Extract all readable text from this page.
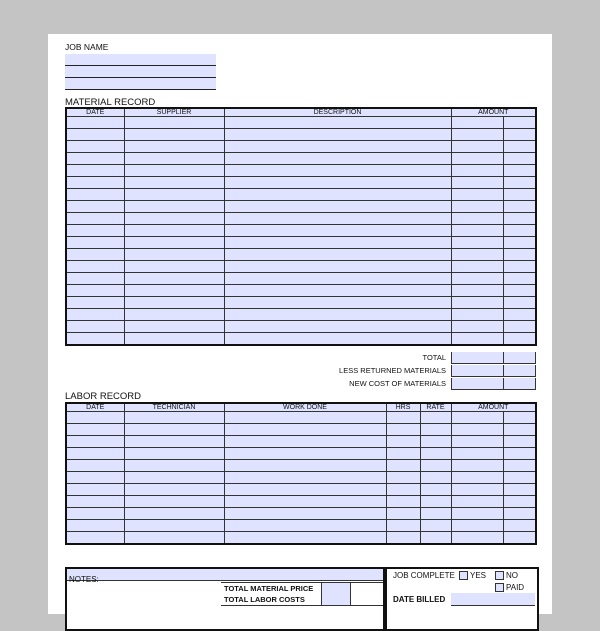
JOB NAME
MATERIAL RECORD
DATE	SUPPLIER	DESCRIPTION	AMOUNT	

TOTAL
LESS RETURNED MATERIALS
NEW COST OF MATERIALS
LABOR RECORD
DATE	TECHNICIAN	WORK DONE	HRS	RATE	AMOUNT	

NOTES:
TOTAL MATERIAL PRICE
TOTAL LABOR COSTS
JOB COMPLETE	YES	NO
PAID
DATE BILLED
